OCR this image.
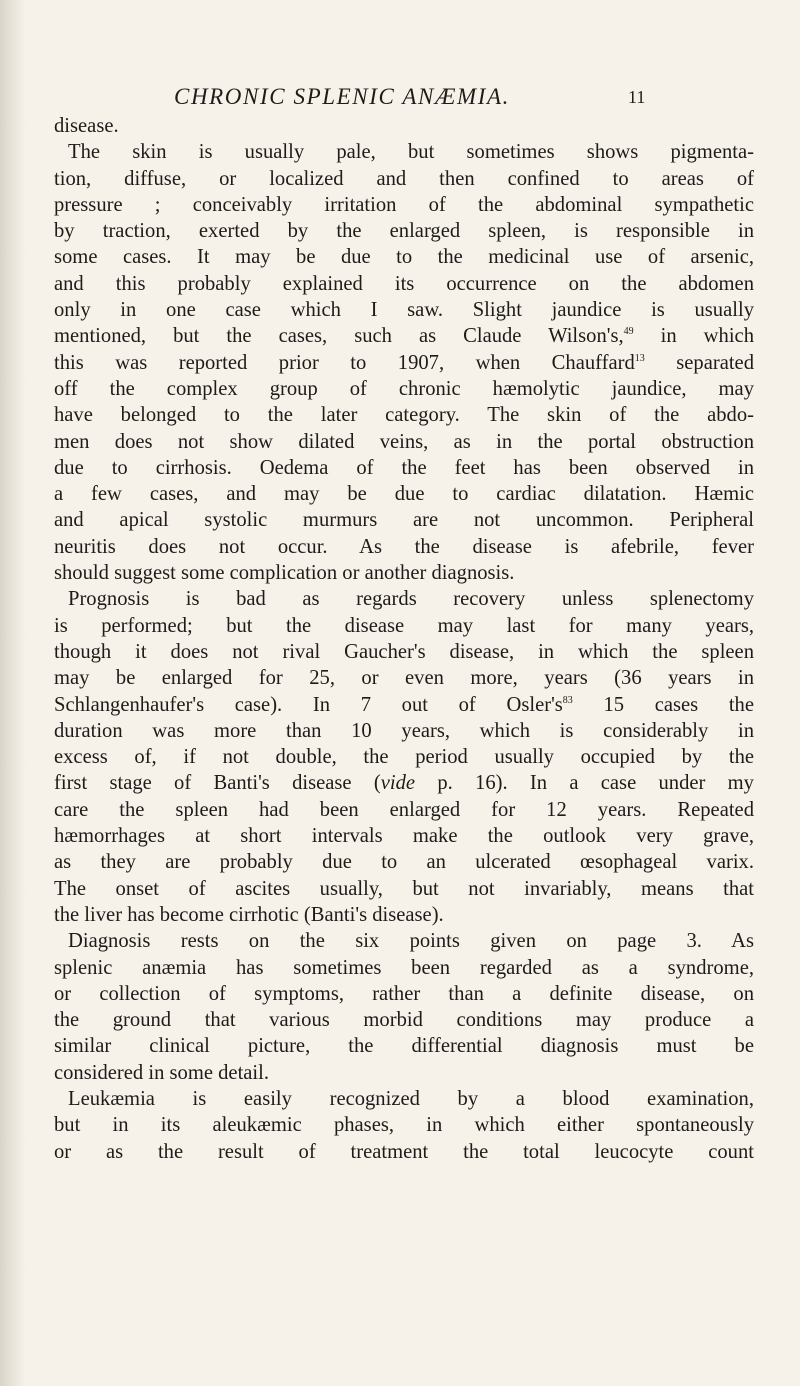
CHRONIC SPLENIC ANÆMIA.	11
disease.
The skin is usually pale, but sometimes shows pigmenta-
tion, diffuse, or localized and then confined to areas of
pressure ; conceivably irritation of the abdominal sympathetic
by traction, exerted by the enlarged spleen, is responsible in
some cases. It may be due to the medicinal use of arsenic,
and this probably explained its occurrence on the abdomen
only in one case which I saw. Slight jaundice is usually
mentioned, but the cases, such as Claude Wilson's,$^{49}$ in which
this was reported prior to 1907, when Chauffard$^{13}$ separated
off the complex group of chronic hæmolytic jaundice, may
have belonged to the later category. The skin of the abdo-
men does not show dilated veins, as in the portal obstruction
due to cirrhosis. Oedema of the feet has been observed in
a few cases, and may be due to cardiac dilatation. Hæmic
and apical systolic murmurs are not uncommon. Peripheral
neuritis does not occur. As the disease is afebrile, fever
should suggest some complication or another diagnosis.
Prognosis is bad as regards recovery unless splenectomy
is performed; but the disease may last for many years,
though it does not rival Gaucher's disease, in which the spleen
may be enlarged for 25, or even more, years (36 years in
Schlangenhaufer's case). In 7 out of $Osler's^{83}$ 15 cases the
duration was more than 10 years, which is considerably in
excess of, if not double, the period usually occupied by the
first stage of Banti's disease (vide p. 16). In a case under my
care the spleen had been enlarged for 12 years. Repeated
hæmorrhages at short intervals make the outlook very grave,
as they are probably due to an ulcerated œsophageal varix.
The onset of ascites usually, but not invariably, means that
the liver has become cirrhotic (Banti's disease).
Diagnosis rests on the six points given on page 3. As
splenic anæmia has sometimes been regarded as a syndrome,
or collection of symptoms, rather than a definite disease, on
the ground that various morbid conditions may produce a
similar clinical picture, the differential diagnosis must be
considered in some detail.
Leukæmia is easily recognized by a blood examination,
but in its aleukæmic phases, in which either spontaneously
or as the result of treatment the total leucocyte count
